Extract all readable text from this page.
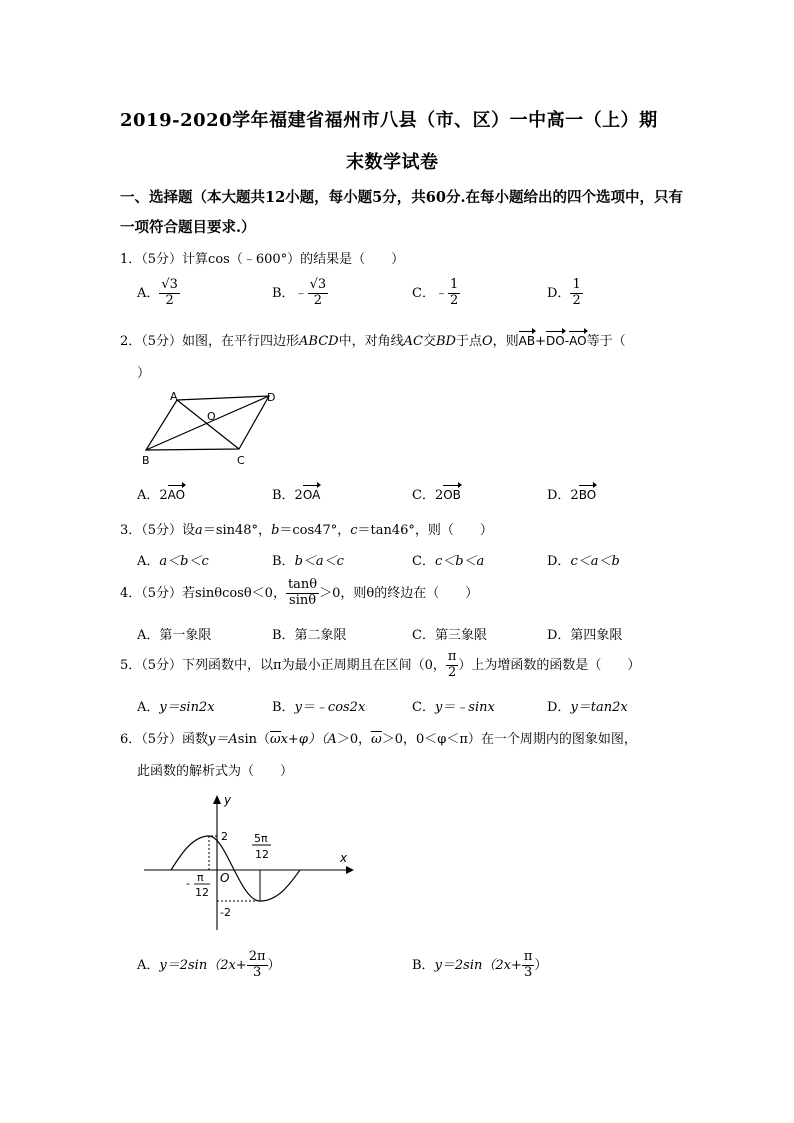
2019-2020学年福建省福州市八县（市、区）一中高一（上）期
末数学试卷
一、选择题（本大题共12小题，每小题5分，共60分.在每小题给出的四个选项中，只有
一项符合题目要求.）
1．（5分）计算cos（﹣600°）的结果是（　　）
A． $\frac{√3}{2}$	B．﹣ $\frac{√3}{2}$	C．﹣ $\frac{1}{2}$	D． $\frac{1}{2}$
2．（5分）如图，在平行四边形ABCD中，对角线AC交BD于点O，则AB+DO-AO等于（
）
A	D
B	C
O
A．2AO	B．2OA	C．2OB	D．2BO
3．（5分）设a＝sin48°，b＝cos47°，c＝tan46°，则（　　）
A．a＜b＜c	B．b＜a＜c	C．c＜b＜a	D．c＜a＜b
4．（5分）若sinθcosθ＜0， $\frac{\tan\theta}{\sin\theta} >0$，则θ的终边在（　　）
A．第一象限	B．第二象限	C．第三象限	D．第四象限
5．（5分）下列函数中，以π为最小正周期且在区间（0， $\frac{\pi}{2}$ ）上为增函数的函数是（　　）
A．y＝sin2x	B．y＝﹣cos2x	C．y＝﹣sinx	D．y＝tan2x
6．（5分）函数y＝Asin（ωx+φ）（A＞0，ω＞0，0＜φ＜π）在一个周期内的图象如图，
此函数的解析式为（　　）
y
x
O
2
-2
5π
12
- π
12
A．$y=2\sin(2x+ \frac{2\pi}{3}$ ）	B．$y=2\sin(2x+ \frac{\pi}{3}$ ）
